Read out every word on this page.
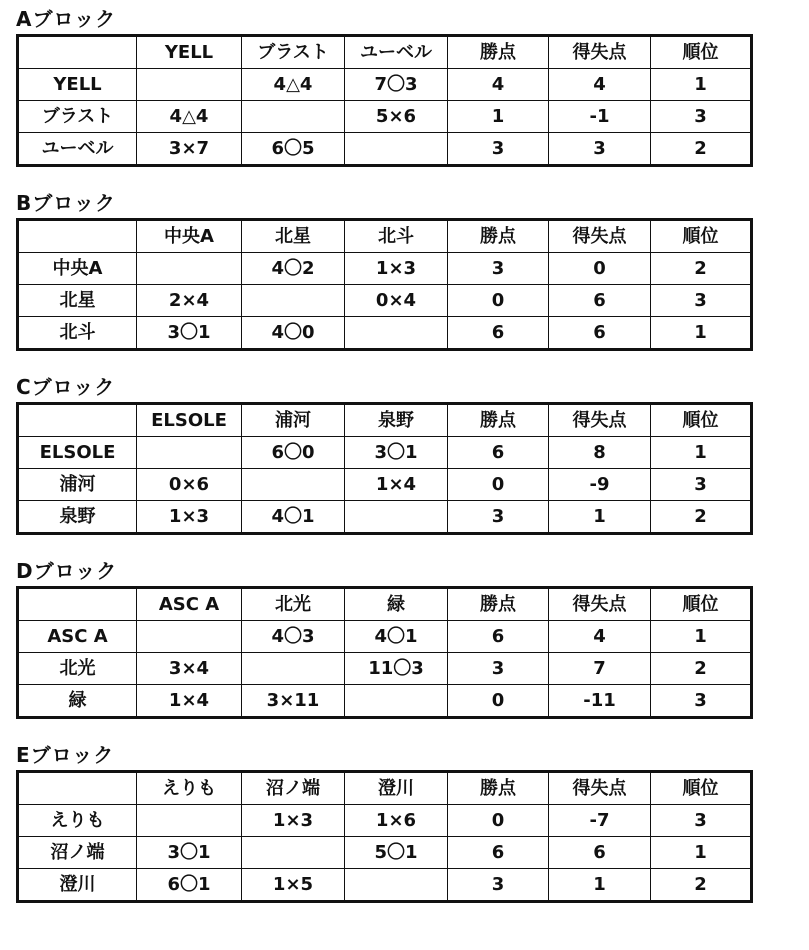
Aブロック
	YELL	ブラスト	ユーベル	勝点	得失点	順位
YELL		4△4	7〇3	4	4	1
ブラスト	4△4		5×6	1	-1	3
ユーベル	3×7	6〇5		3	3	2
Bブロック
	中央A	北星	北斗	勝点	得失点	順位
中央A		4〇2	1×3	3	0	2
北星	2×4		0×4	0	6	3
北斗	3〇1	4〇0		6	6	1
Cブロック
	ELSOLE	浦河	泉野	勝点	得失点	順位
ELSOLE		6〇0	3〇1	6	8	1
浦河	0×6		1×4	0	-9	3
泉野	1×3	4〇1		3	1	2
Dブロック
	ASC A	北光	緑	勝点	得失点	順位
ASC A		4〇3	4〇1	6	4	1
北光	3×4		11〇3	3	7	2
緑	1×4	3×11		0	-11	3
Eブロック
	えりも	沼ノ端	澄川	勝点	得失点	順位
えりも		1×3	1×6	0	-7	3
沼ノ端	3〇1		5〇1	6	6	1
澄川	6〇1	1×5		3	1	2
